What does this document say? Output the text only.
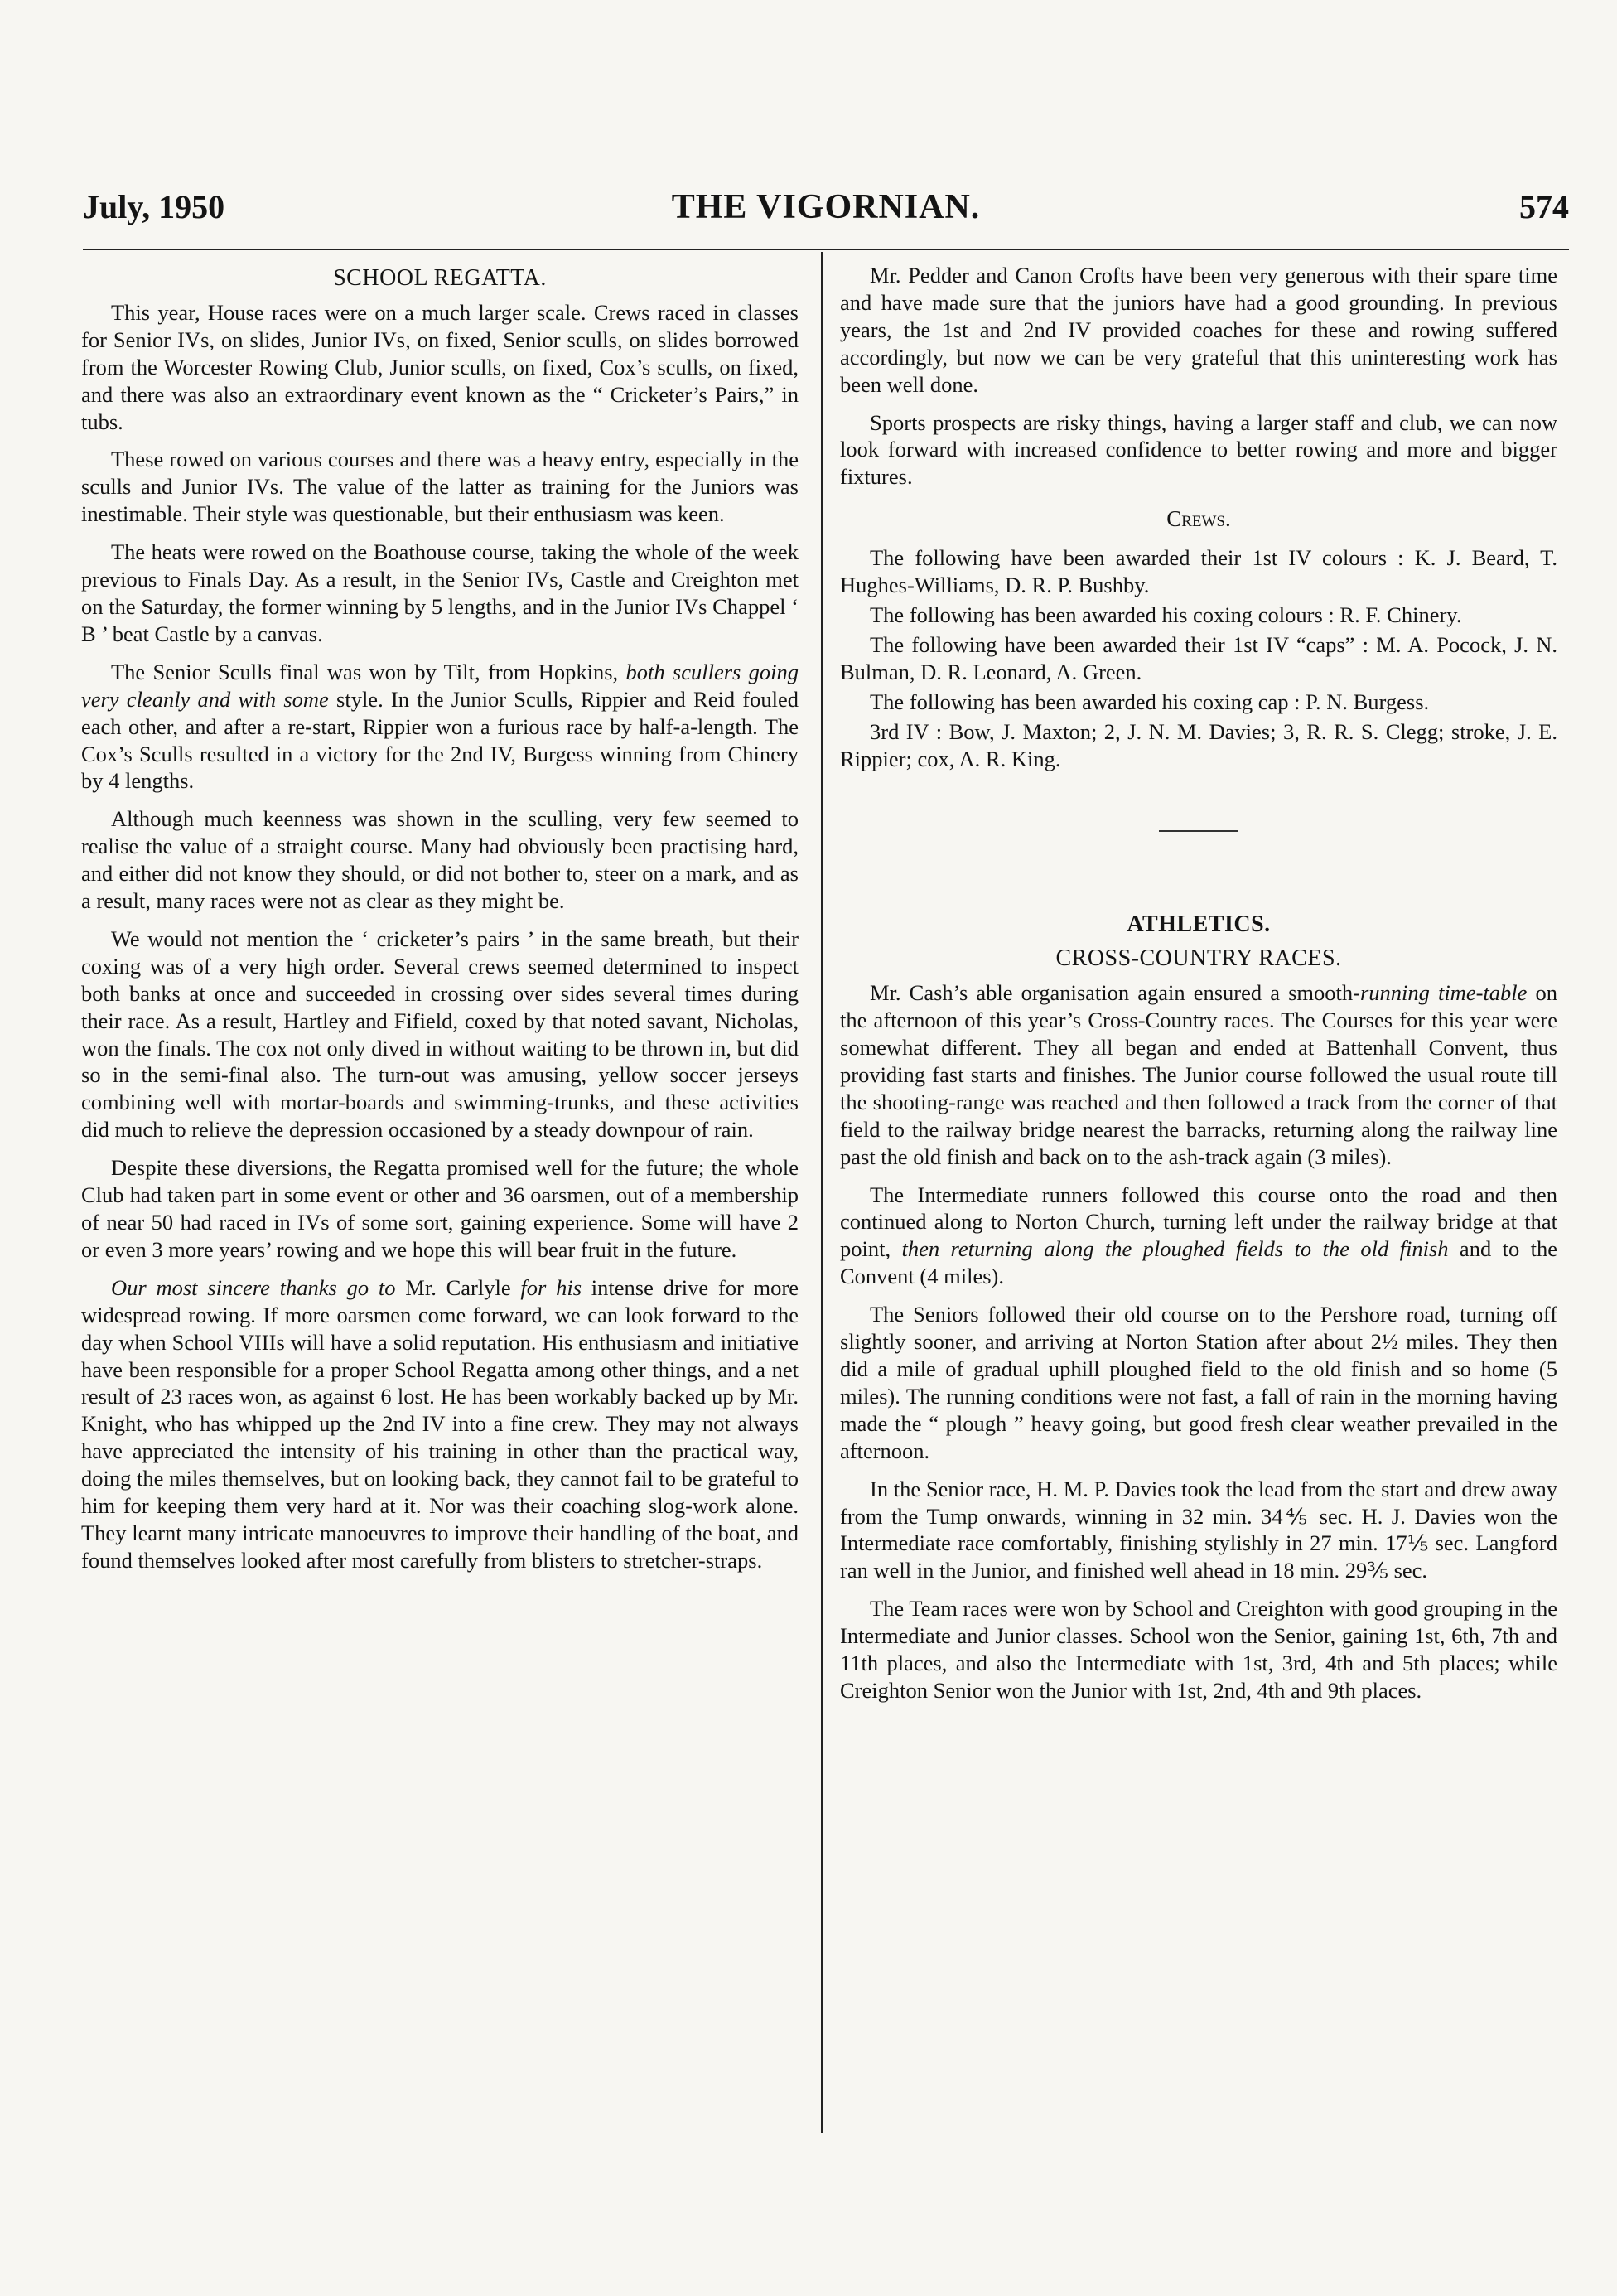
July, 1950	THE VIGORNIAN.	574
SCHOOL REGATTA.

This year, House races were on a much larger scale. Crews raced in classes for Senior IVs, on slides, Junior IVs, on fixed, Senior sculls, on slides borrowed from the Worcester Rowing Club, Junior sculls, on fixed, Cox’s sculls, on fixed, and there was also an extraordinary event known as the “ Cricketer’s Pairs,” in tubs.

These rowed on various courses and there was a heavy entry, especially in the sculls and Junior IVs. The value of the latter as training for the Juniors was inestimable. Their style was questionable, but their enthusiasm was keen.

The heats were rowed on the Boathouse course, taking the whole of the week previous to Finals Day. As a result, in the Senior IVs, Castle and Creighton met on the Saturday, the former winning by 5 lengths, and in the Junior IVs Chappel ‘ B ’ beat Castle by a canvas.

The Senior Sculls final was won by Tilt, from Hopkins, both scullers going very cleanly and with some style. In the Junior Sculls, Rippier and Reid fouled each other, and after a re-start, Rippier won a furious race by half-a-length. The Cox’s Sculls resulted in a victory for the 2nd IV, Burgess winning from Chinery by 4 lengths.

Although much keenness was shown in the sculling, very few seemed to realise the value of a straight course. Many had obviously been practising hard, and either did not know they should, or did not bother to, steer on a mark, and as a result, many races were not as clear as they might be.

We would not mention the ‘ cricketer’s pairs ’ in the same breath, but their coxing was of a very high order. Several crews seemed determined to inspect both banks at once and succeeded in crossing over sides several times during their race. As a result, Hartley and Fifield, coxed by that noted savant, Nicholas, won the finals. The cox not only dived in without waiting to be thrown in, but did so in the semi-final also. The turn-out was amusing, yellow soccer jerseys combining well with mortar-boards and swimming-trunks, and these activities did much to relieve the depression occasioned by a steady downpour of rain.

Despite these diversions, the Regatta promised well for the future; the whole Club had taken part in some event or other and 36 oarsmen, out of a membership of near 50 had raced in IVs of some sort, gaining experience. Some will have 2 or even 3 more years’ rowing and we hope this will bear fruit in the future.

Our most sincere thanks go to Mr. Carlyle for his intense drive for more widespread rowing. If more oarsmen come forward, we can look forward to the day when School VIIIs will have a solid reputation. His enthusiasm and initiative have been responsible for a proper School Regatta among other things, and a net result of 23 races won, as against 6 lost. He has been workably backed up by Mr. Knight, who has whipped up the 2nd IV into a fine crew. They may not always have appreciated the intensity of his training in other than the practical way, doing the miles themselves, but on looking back, they cannot fail to be grateful to him for keeping them very hard at it. Nor was their coaching slog-work alone. They learnt many intricate manoeuvres to improve their handling of the boat, and found themselves looked after most carefully from blisters to stretcher-straps.

Mr. Pedder and Canon Crofts have been very generous with their spare time and have made sure that the juniors have had a good grounding. In previous years, the 1st and 2nd IV provided coaches for these and rowing suffered accordingly, but now we can be very grateful that this uninteresting work has been well done.

Sports prospects are risky things, having a larger staff and club, we can now look forward with increased confidence to better rowing and more and bigger fixtures.

Crews.

The following have been awarded their 1st IV colours : K. J. Beard, T. Hughes-Williams, D. R. P. Bushby.

The following has been awarded his coxing colours : R. F. Chinery.

The following have been awarded their 1st IV “caps” : M. A. Pocock, J. N. Bulman, D. R. Leonard, A. Green.

The following has been awarded his coxing cap : P. N. Burgess.

3rd IV : Bow, J. Maxton; 2, J. N. M. Davies; 3, R. R. S. Clegg; stroke, J. E. Rippier; cox, A. R. King.

ATHLETICS.
CROSS-COUNTRY RACES.

Mr. Cash’s able organisation again ensured a smooth-running time-table on the afternoon of this year’s Cross-Country races. The Courses for this year were somewhat different. They all began and ended at Battenhall Convent, thus providing fast starts and finishes. The Junior course followed the usual route till the shooting-range was reached and then followed a track from the corner of that field to the railway bridge nearest the barracks, returning along the railway line past the old finish and back on to the ash-track again (3 miles).

The Intermediate runners followed this course onto the road and then continued along to Norton Church, turning left under the railway bridge at that point, then returning along the ploughed fields to the old finish and to the Convent (4 miles).

The Seniors followed their old course on to the Pershore road, turning off slightly sooner, and arriving at Norton Station after about 2½ miles. They then did a mile of gradual uphill ploughed field to the old finish and so home (5 miles). The running conditions were not fast, a fall of rain in the morning having made the “ plough ” heavy going, but good fresh clear weather prevailed in the afternoon.

In the Senior race, H. M. P. Davies took the lead from the start and drew away from the Tump onwards, winning in 32 min. 34⅘ sec. H. J. Davies won the Intermediate race comfortably, finishing stylishly in 27 min. 17⅕ sec. Langford ran well in the Junior, and finished well ahead in 18 min. 29⅗ sec.

The Team races were won by School and Creighton with good grouping in the Intermediate and Junior classes. School won the Senior, gaining 1st, 6th, 7th and 11th places, and also the Intermediate with 1st, 3rd, 4th and 5th places; while Creighton Senior won the Junior with 1st, 2nd, 4th and 9th places.
